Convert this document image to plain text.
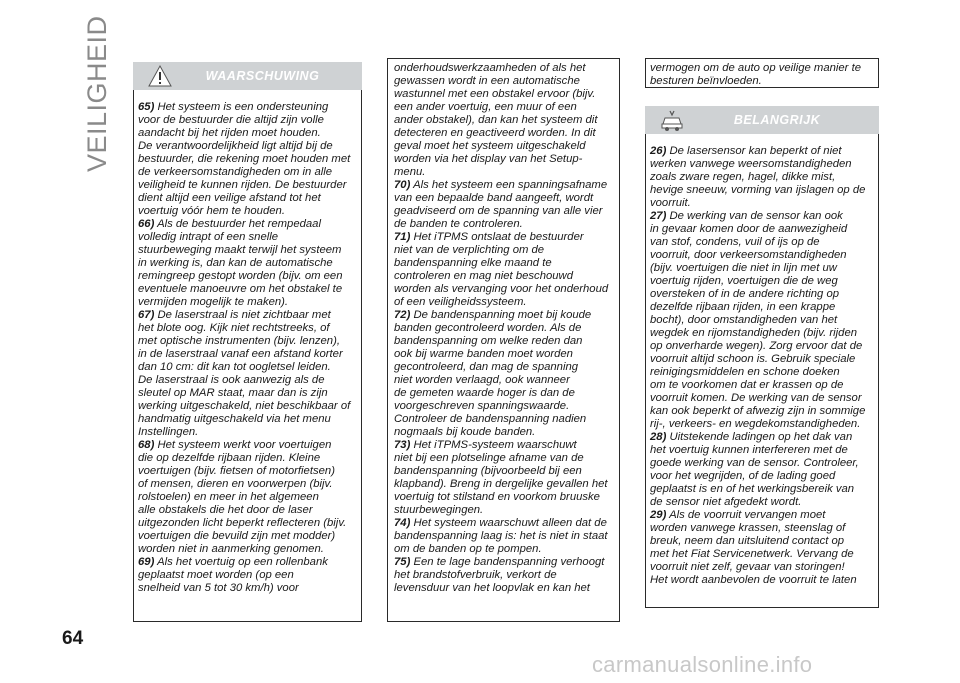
VEILIGHEID	WAARSCHUWING

65) Het systeem is een ondersteuning

voor de bestuurder die altijd zijn volle

aandacht bij het rijden moet houden.

De verantwoordelijkheid ligt altijd bij de

bestuurder, die rekening moet houden met

de verkeersomstandigheden om in alle

veiligheid te kunnen rijden. De bestuurder

dient altijd een veilige afstand tot het

voertuig vóór hem te houden.

66) Als de bestuurder het rempedaal

volledig intrapt of een snelle

stuurbeweging maakt terwijl het systeem

in werking is, dan kan de automatische

remingreep gestopt worden (bijv. om een

eventuele manoeuvre om het obstakel te

vermijden mogelijk te maken).

67) De laserstraal is niet zichtbaar met

het blote oog. Kijk niet rechtstreeks, of

met optische instrumenten (bijv. lenzen),

in de laserstraal vanaf een afstand korter

dan 10 cm: dit kan tot oogletsel leiden.

De laserstraal is ook aanwezig als de

sleutel op MAR staat, maar dan is zijn

werking uitgeschakeld, niet beschikbaar of

handmatig uitgeschakeld via het menu

Instellingen.

68) Het systeem werkt voor voertuigen

die op dezelfde rijbaan rijden. Kleine

voertuigen (bijv. fietsen of motorfietsen)

of mensen, dieren en voorwerpen (bijv.

rolstoelen) en meer in het algemeen

alle obstakels die het door de laser

uitgezonden licht beperkt reflecteren (bijv.

voertuigen die bevuild zijn met modder)

worden niet in aanmerking genomen.

69) Als het voertuig op een rollenbank

geplaatst moet worden (op een

snelheid van 5 tot 30 km/h) voor

onderhoudswerkzaamheden of als het

gewassen wordt in een automatische

wastunnel met een obstakel ervoor (bijv.

een ander voertuig, een muur of een

ander obstakel), dan kan het systeem dit

detecteren en geactiveerd worden. In dit

geval moet het systeem uitgeschakeld

worden via het display van het Setup-

menu.

70) Als het systeem een spanningsafname

van een bepaalde band aangeeft, wordt

geadviseerd om de spanning van alle vier

de banden te controleren.

71) Het iTPMS ontslaat de bestuurder

niet van de verplichting om de

bandenspanning elke maand te

controleren en mag niet beschouwd

worden als vervanging voor het onderhoud

of een veiligheidssysteem.

72) De bandenspanning moet bij koude

banden gecontroleerd worden. Als de

bandenspanning om welke reden dan

ook bij warme banden moet worden

gecontroleerd, dan mag de spanning

niet worden verlaagd, ook wanneer

de gemeten waarde hoger is dan de

voorgeschreven spanningswaarde.

Controleer de bandenspanning nadien

nogmaals bij koude banden.

73) Het iTPMS-systeem waarschuwt

niet bij een plotselinge afname van de

bandenspanning (bijvoorbeeld bij een

klapband). Breng in dergelijke gevallen het

voertuig tot stilstand en voorkom bruuske

stuurbewegingen.

74) Het systeem waarschuwt alleen dat de

bandenspanning laag is: het is niet in staat

om de banden op te pompen.

75) Een te lage bandenspanning verhoogt

het brandstofverbruik, verkort de

levensduur van het loopvlak en kan het

vermogen om de auto op veilige manier te

besturen beïnvloeden.

BELANGRIJK

26) De lasersensor kan beperkt of niet

werken vanwege weersomstandigheden

zoals zware regen, hagel, dikke mist,

hevige sneeuw, vorming van ijslagen op de

voorruit.

27) De werking van de sensor kan ook

in gevaar komen door de aanwezigheid

van stof, condens, vuil of ijs op de

voorruit, door verkeersomstandigheden

(bijv. voertuigen die niet in lijn met uw

voertuig rijden, voertuigen die de weg

oversteken of in de andere richting op

dezelfde rijbaan rijden, in een krappe

bocht), door omstandigheden van het

wegdek en rijomstandigheden (bijv. rijden

op onverharde wegen). Zorg ervoor dat de

voorruit altijd schoon is. Gebruik speciale

reinigingsmiddelen en schone doeken

om te voorkomen dat er krassen op de

voorruit komen. De werking van de sensor

kan ook beperkt of afwezig zijn in sommige

rij-, verkeers- en wegdekomstandigheden.

28) Uitstekende ladingen op het dak van

het voertuig kunnen interfereren met de

goede werking van de sensor. Controleer,

voor het wegrijden, of de lading goed

geplaatst is en of het werkingsbereik van

de sensor niet afgedekt wordt.

29) Als de voorruit vervangen moet

worden vanwege krassen, steenslag of

breuk, neem dan uitsluitend contact op

met het Fiat Servicenetwerk. Vervang de

voorruit niet zelf, gevaar van storingen!

Het wordt aanbevolen de voorruit te laten

64
carmanualsonline.info
